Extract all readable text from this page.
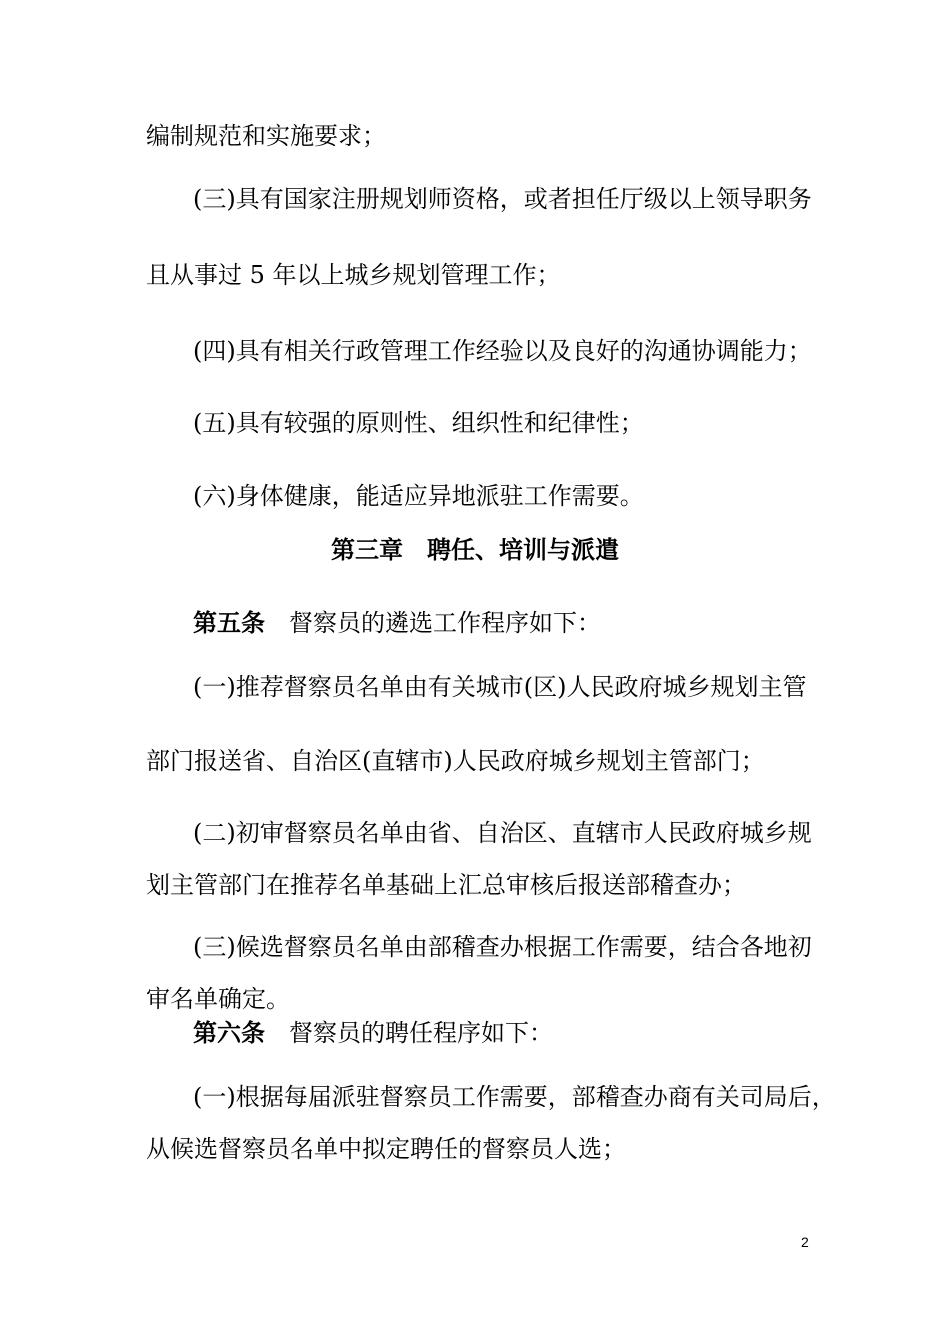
编制规范和实施要求；
(三)具有国家注册规划师资格，或者担任厅级以上领导职务
且从事过 5 年以上城乡规划管理工作；
(四)具有相关行政管理工作经验以及良好的沟通协调能力；
(五)具有较强的原则性、组织性和纪律性；
(六)身体健康，能适应异地派驻工作需要。
第三章　聘任、培训与派遣
第五条 督察员的遴选工作程序如下：
(一)推荐督察员名单由有关城市(区)人民政府城乡规划主管
部门报送省、自治区(直辖市)人民政府城乡规划主管部门；
(二)初审督察员名单由省、自治区、直辖市人民政府城乡规
划主管部门在推荐名单基础上汇总审核后报送部稽查办；
(三)候选督察员名单由部稽查办根据工作需要，结合各地初
审名单确定。
第六条 督察员的聘任程序如下：
(一)根据每届派驻督察员工作需要，部稽查办商有关司局后，
从候选督察员名单中拟定聘任的督察员人选；
2
